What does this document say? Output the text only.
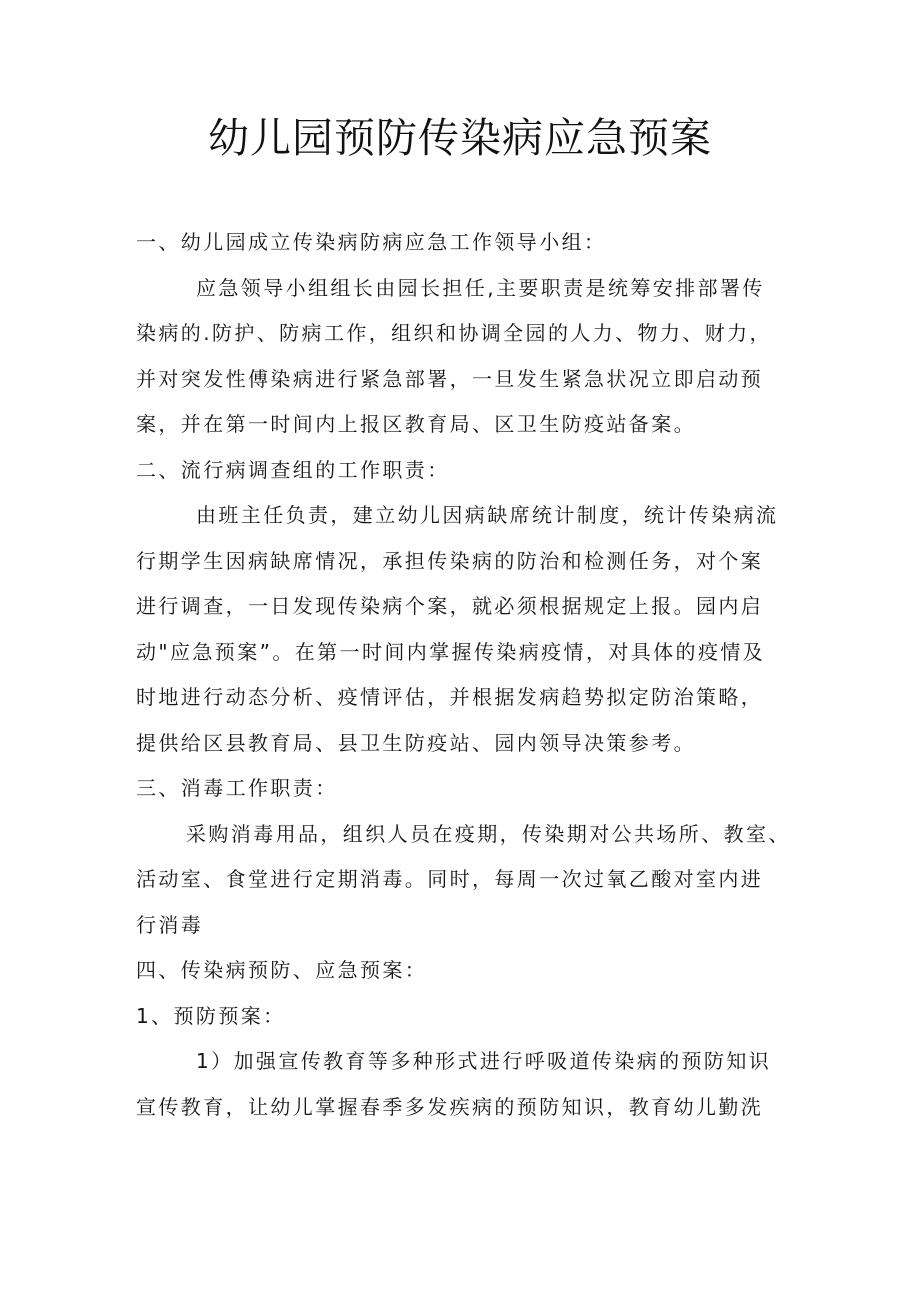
幼儿园预防传染病应急预案

一、幼儿园成立传染病防病应急工作领导小组：

应急领导小组组长由园长担任,主要职责是统筹安排部署传
染病的.防护、防病工作，组织和协调全园的人力、物力、财力，
并对突发性傅染病进行紧急部署，一旦发生紧急状况立即启动预
案，并在第一时间内上报区教育局、区卫生防疫站备案。

二、流行病调查组的工作职责：

由班主任负责，建立幼儿因病缺席统计制度，统计传染病流
行期学生因病缺席情况，承担传染病的防治和检测任务，对个案
进行调查，一日发现传染病个案，就必须根据规定上报。园内启
动"应急预案”。在第一时间内掌握传染病疫情，对具体的疫情及
时地进行动态分析、疫情评估，并根据发病趋势拟定防治策略，
提供给区县教育局、县卫生防疫站、园内领导决策参考。

三、消毒工作职责：

采购消毒用品，组织人员在疫期，传染期对公共场所、教室、
活动室、食堂进行定期消毒。同时，每周一次过氧乙酸对室内进
行消毒

四、传染病预防、应急预案：

1、预防预案：

1）加强宣传教育等多种形式进行呼吸道传染病的预防知识
宣传教育，让幼儿掌握春季多发疾病的预防知识，教育幼儿勤洗
